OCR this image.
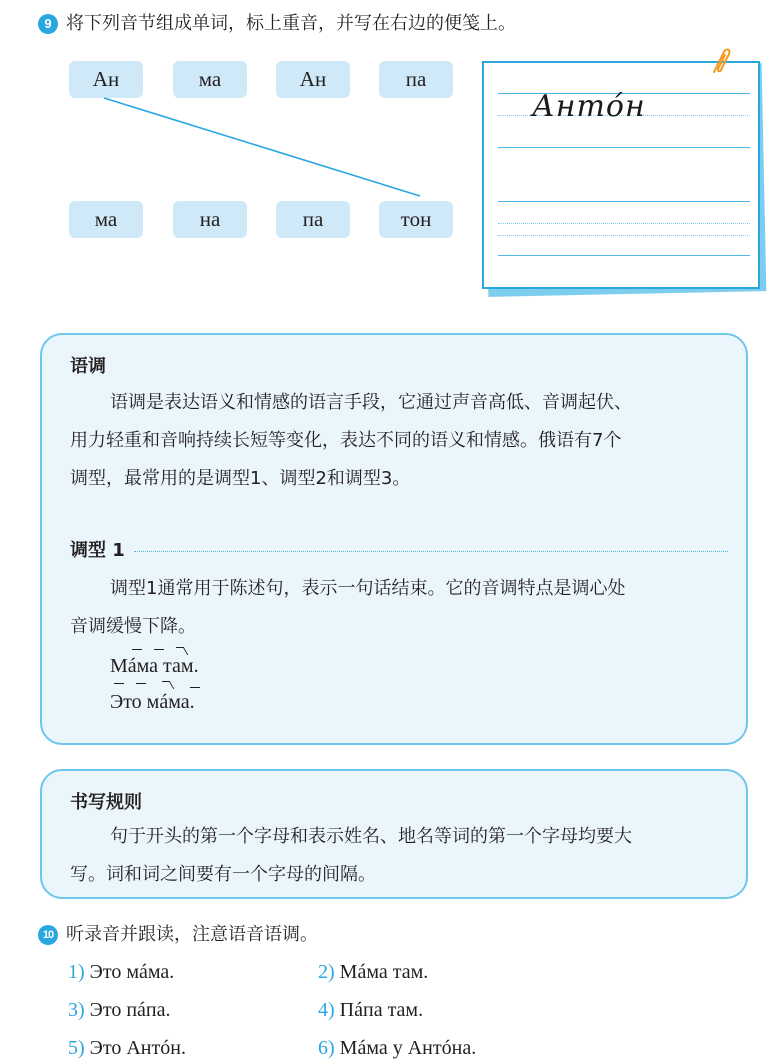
9 将下列音节组成单词，标上重音，并写在右边的便笺上。
Ан	ма	Ан	па
ма	на	па	тон
Антóн
语调
语调是表达语义和情感的语言手段，它通过声音高低、音调起伏、
用力轻重和音响持续长短等变化，表达不同的语义和情感。俄语有7个
调型，最常用的是调型1、调型2和调型3。
调型 1
调型1通常用于陈述句，表示一句话结束。它的音调特点是调心处
音调缓慢下降。
Мáма там.
Это мáма.
书写规则
句于开头的第一个字母和表示姓名、地名等词的第一个字母均要大
写。词和词之间要有一个字母的间隔。
10 听录音并跟读，注意语音语调。
1) Это мáма.	2) Мáма там.
3) Это пáпа.	4) Пáпа там.
5) Это Антóн.	6) Мáма у Антóна.
